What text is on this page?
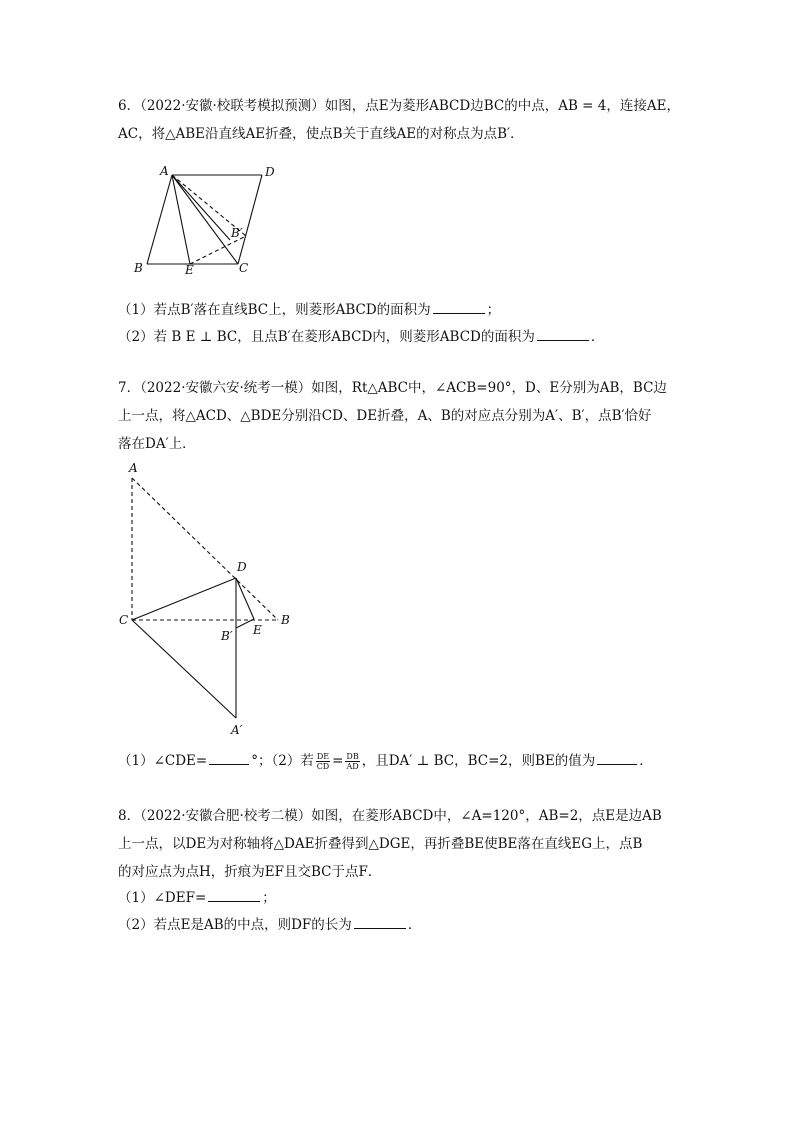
6．（2022·安徽·校联考模拟预测）如图，点E为菱形ABCD边BC的中点，AB = 4，连接AE，
AC，将△ABE沿直线AE折叠，使点B关于直线AE的对称点为点B′．
A	D
B	E	C
B′
（1）若点B′落在直线BC上，则菱形ABCD的面积为	；
（2）若 B E ⊥ BC，且点B′在菱形ABCD内，则菱形ABCD的面积为	．
7．（2022·安徽六安·统考一模）如图，Rt△ABC中，∠ACB=90°，D、E分别为AB，BC边
上一点，将△ACD、△BDE分别沿CD、DE折叠，A、B的对应点分别为A′、B′，点B′恰好
落在DA′上．
A
D
C	B
E
B′
A′
（1）∠CDE=	°；（2）若 $\frac{DE}{CD} = \frac{DB}{AD}$ ，且DA′ ⊥ BC，BC=2，则BE的值为	．
8．（2022·安徽合肥·校考二模）如图，在菱形ABCD中，∠A=120°，AB=2，点E是边AB
上一点，以DE为对称轴将△DAE折叠得到△DGE，再折叠BE使BE落在直线EG上，点B
的对应点为点H，折痕为EF且交BC于点F．
（1）∠DEF=	；
（2）若点E是AB的中点，则DF的长为	．
